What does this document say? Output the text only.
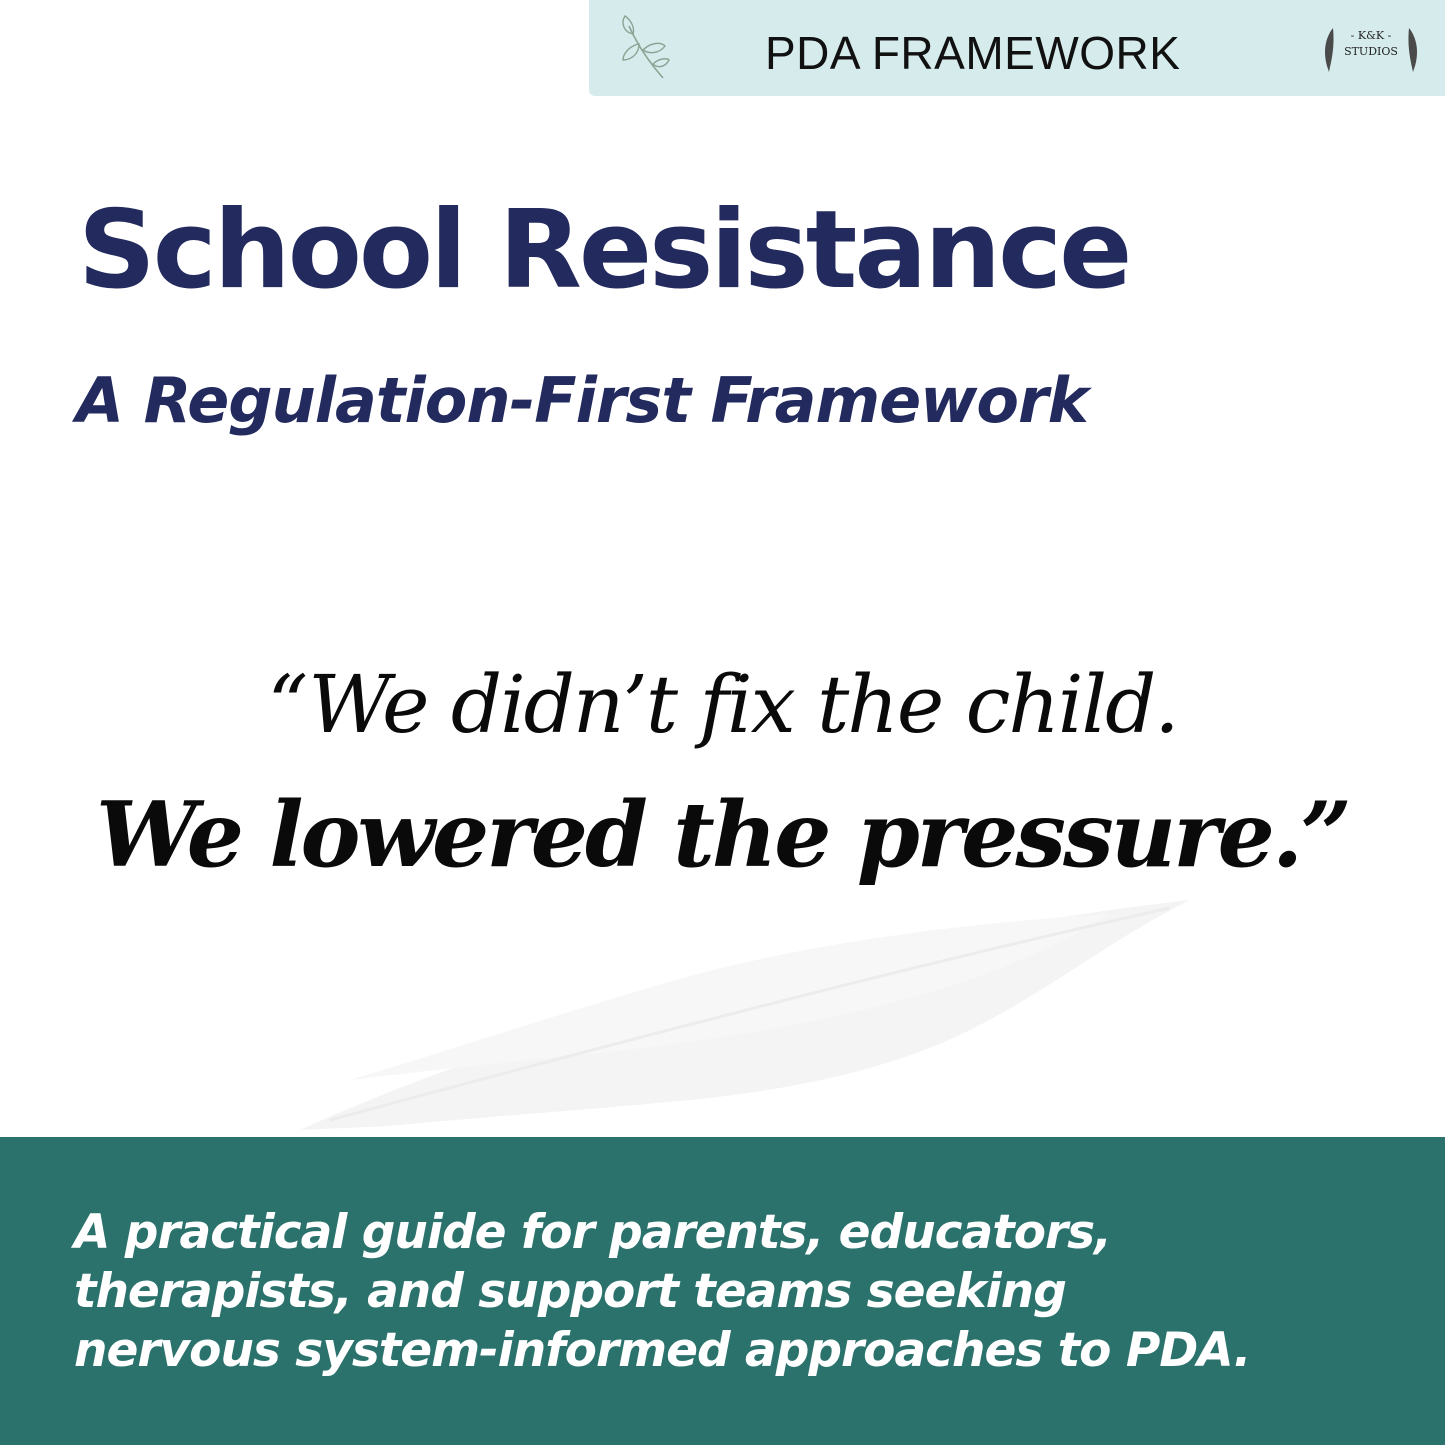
PDA FRAMEWORK	- K&K -
STUDIOS
School Resistance
A Regulation-First Framework
“We didn’t fix the child.
We lowered the pressure.”
A practical guide for parents, educators,
therapists, and support teams seeking
nervous system-informed approaches to PDA.
